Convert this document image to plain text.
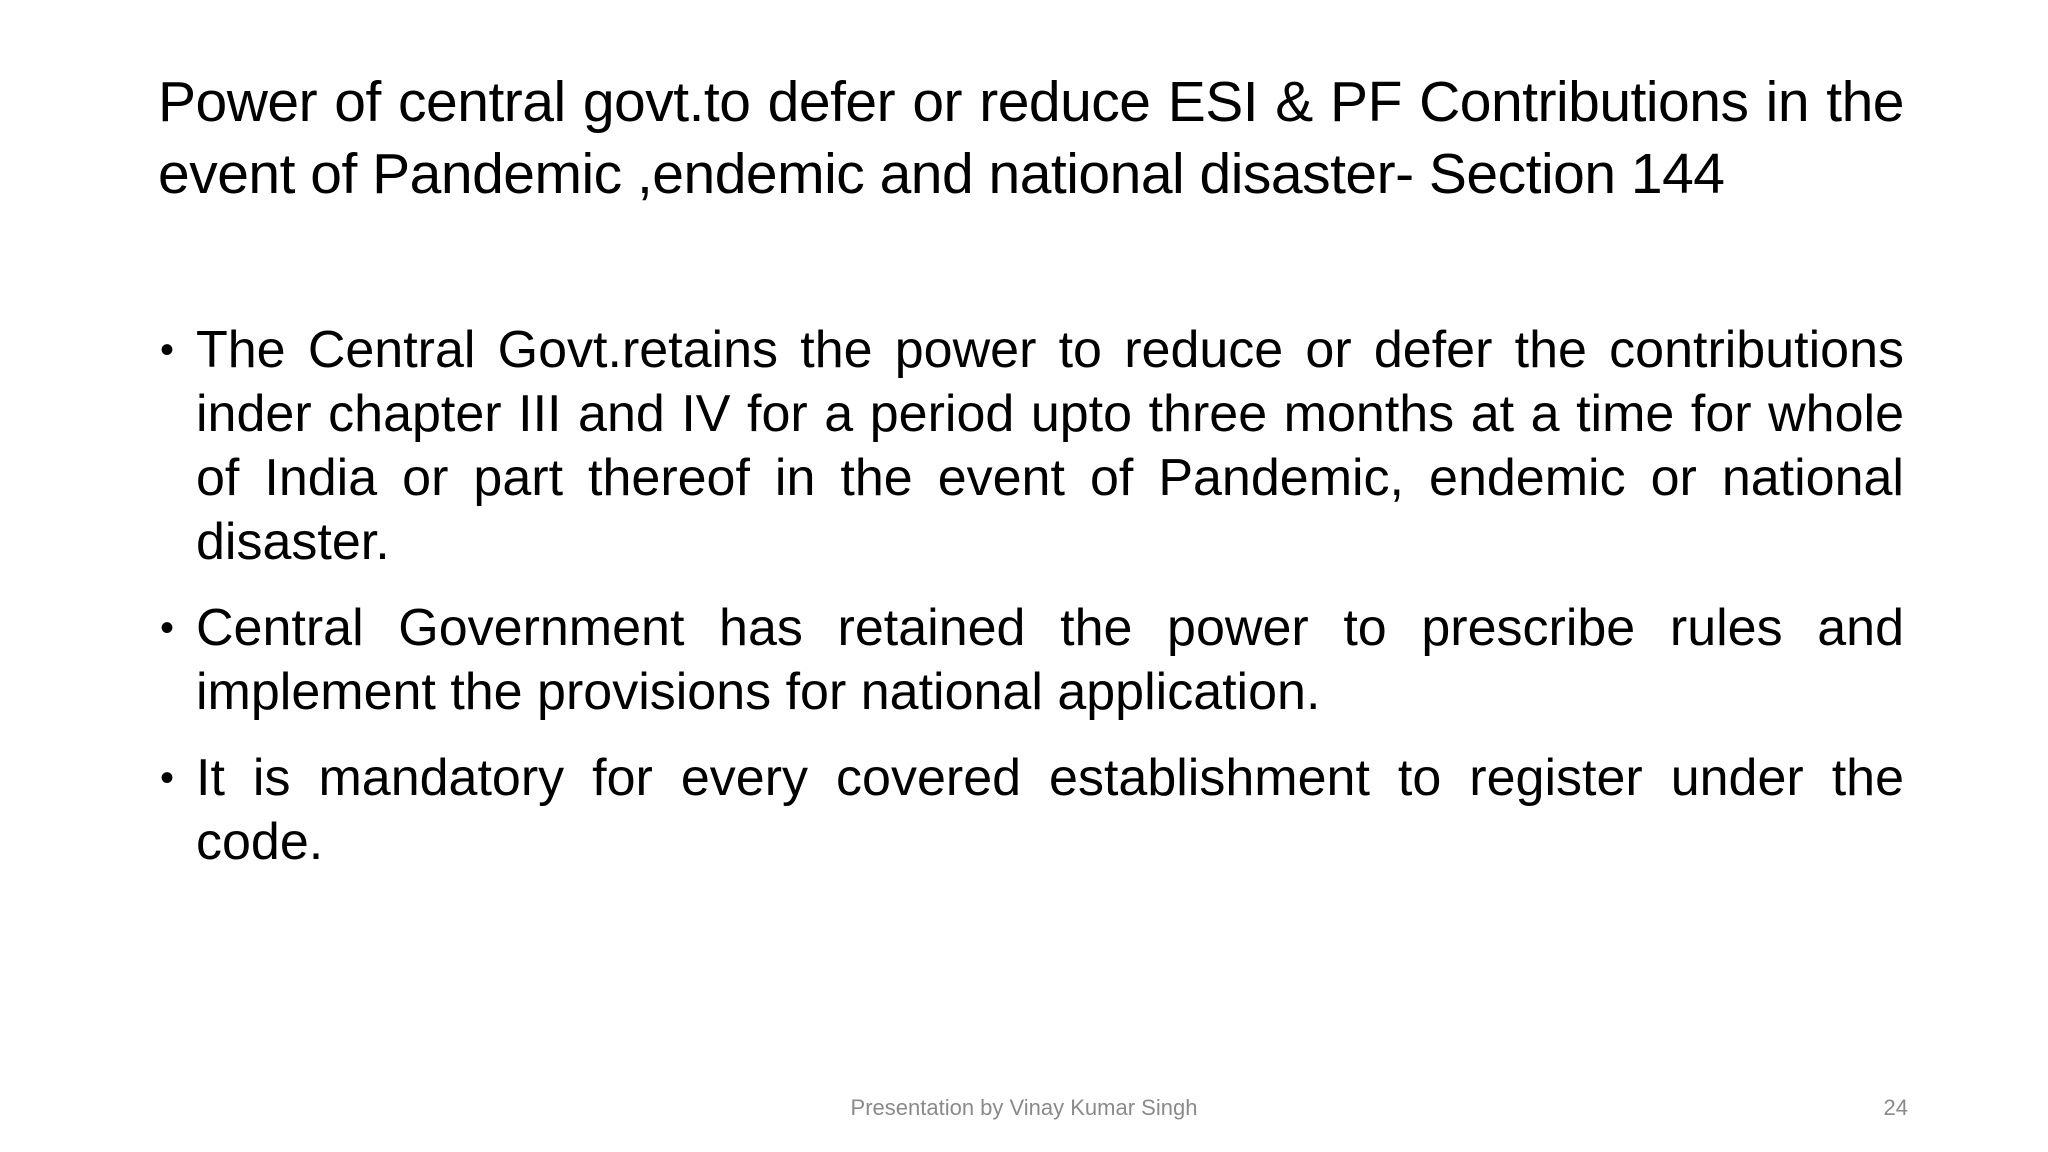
Power of central govt.to defer or reduce ESI & PF Contributions in the event of Pandemic ,endemic and national disaster- Section 144
• The Central Govt.retains the power to reduce or defer the contributions inder chapter III and IV for a period upto three months at a time for whole of India or part thereof in the event of Pandemic, endemic or national disaster.
• Central Government has retained the power to prescribe rules and implement the provisions for national application.
• It is mandatory for every covered establishment to register under the code.
Presentation by Vinay Kumar Singh	24
